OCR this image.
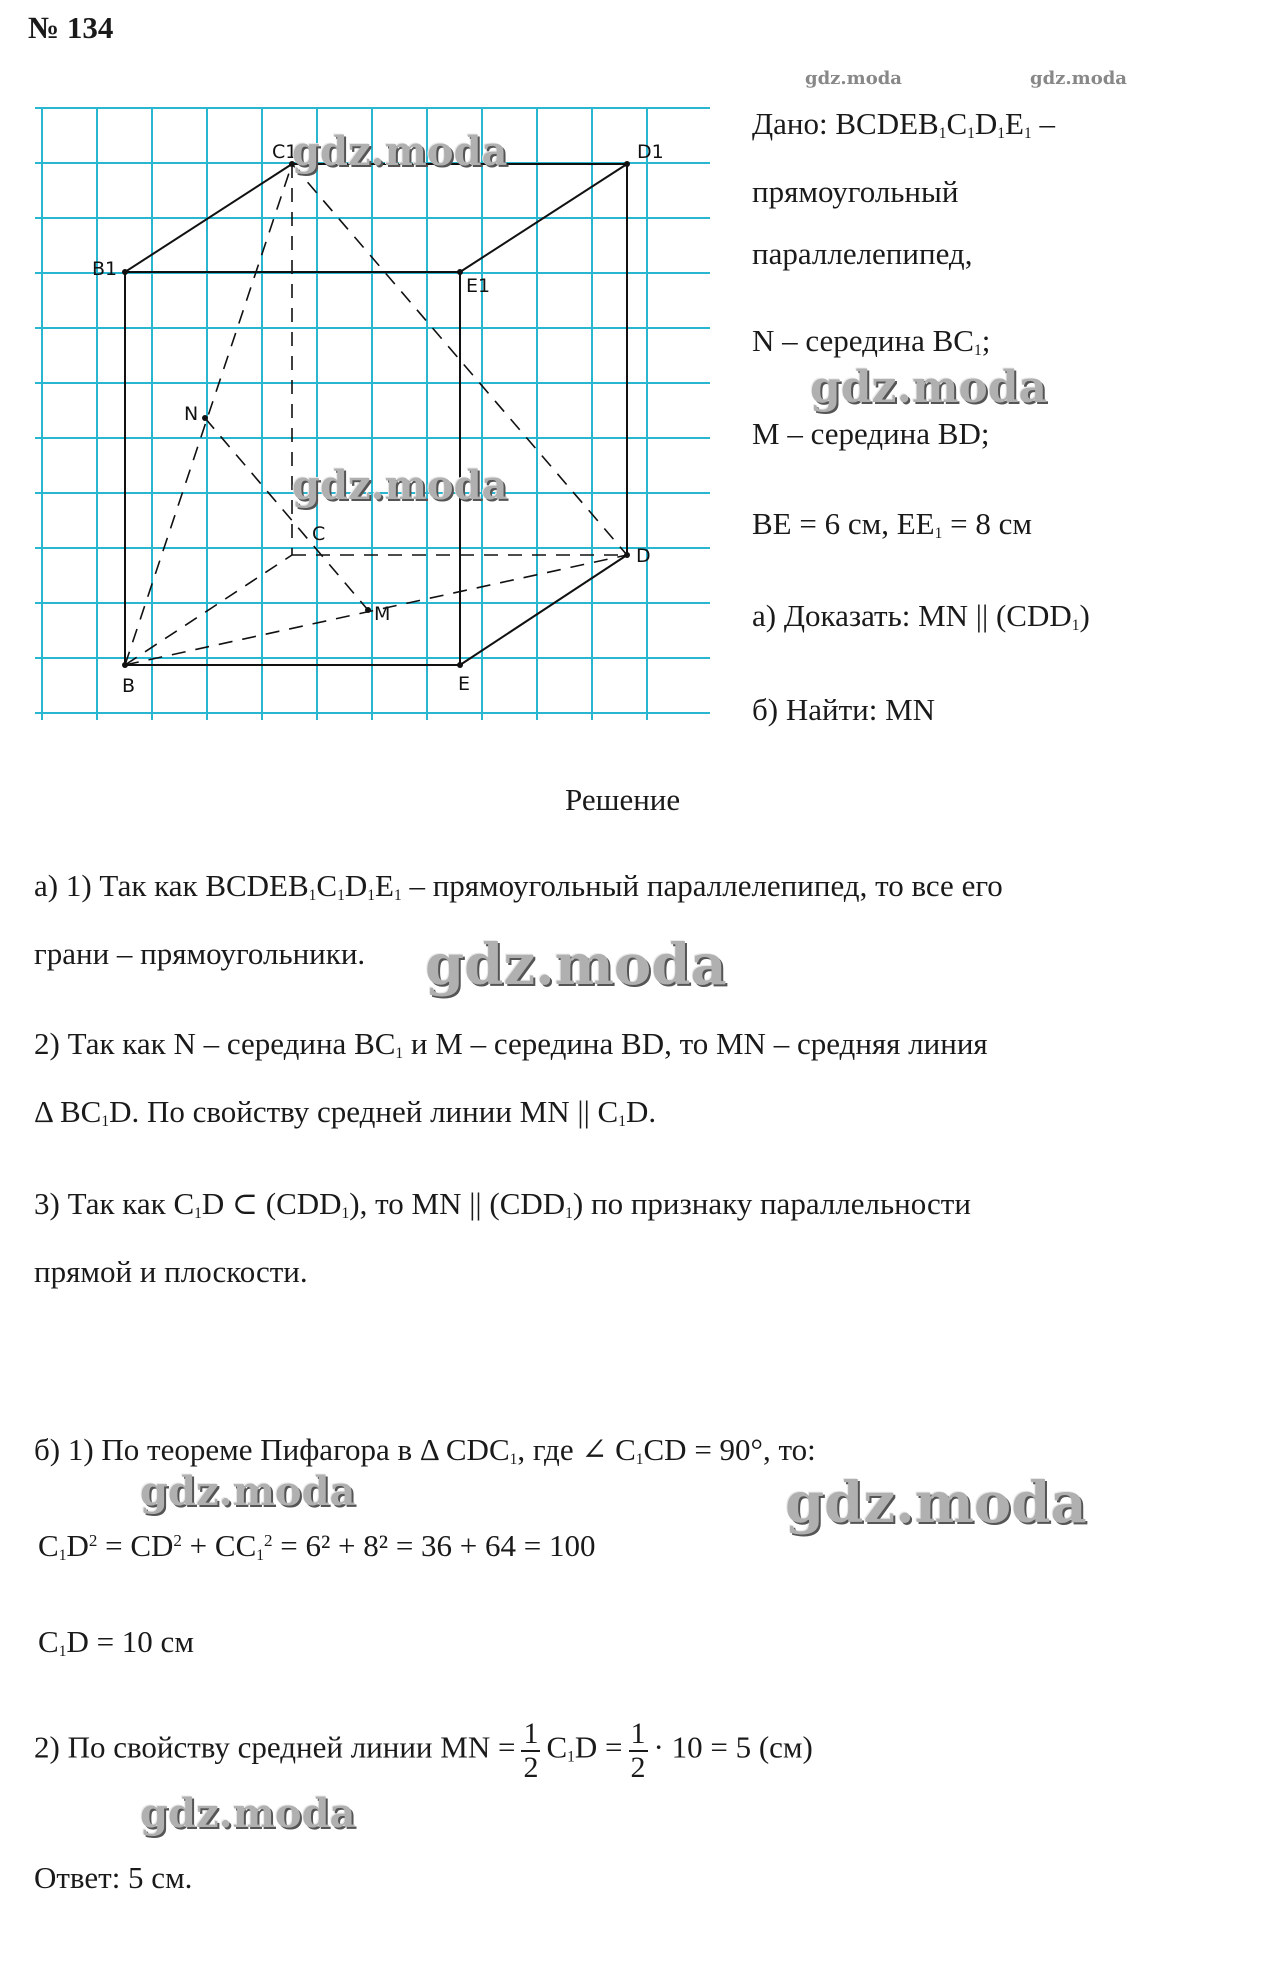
№ 134
C1	D1
B1
E1
N
C
D
M
B	E
Дано: $BCDEB_1C_1D_1E_1$ –
прямоугольный
параллелепипед,
N – середина $BC_1$;
M – середина BD;
BE = 6 см, $EE_1 = 8$ см
а) Доказать: MN || $(CDD_1)$
б) Найти: MN
Решение
а) 1) Так как $BCDEB_1C_1D_1E_1$ – прямоугольный параллелепипед, то все его
грани – прямоугольники.
2) Так как N – середина $BC_1$ и M – середина BD, то MN – средняя линия
Δ $BC_1D$. По свойству средней линии MN || $C_1D$.
3) Так как $C_1D$ ⊂ $(CDD_1)$, то MN || $(CDD_1)$ по признаку параллельности
прямой и плоскости.
б) 1) По теореме Пифагора в Δ $CDC_1$, где ∠ $C_1CD = 90^\circ$, то:
$C_1D^2 = CD^2 + CC_1^2 = 6^2 + 8^2 = 36 + 64 = 100$
$C_1D = 10$ см
2) По свойству средней линии MN = $\frac{1}{2} C_1D = \frac{1}{2} \cdot 10 = 5$ (см)
Ответ: 5 см.
gdz.moda	gdz.moda
gdz.moda
gdz.moda
gdz.moda
gdz.moda
gdz.moda	gdz.moda
gdz.moda
